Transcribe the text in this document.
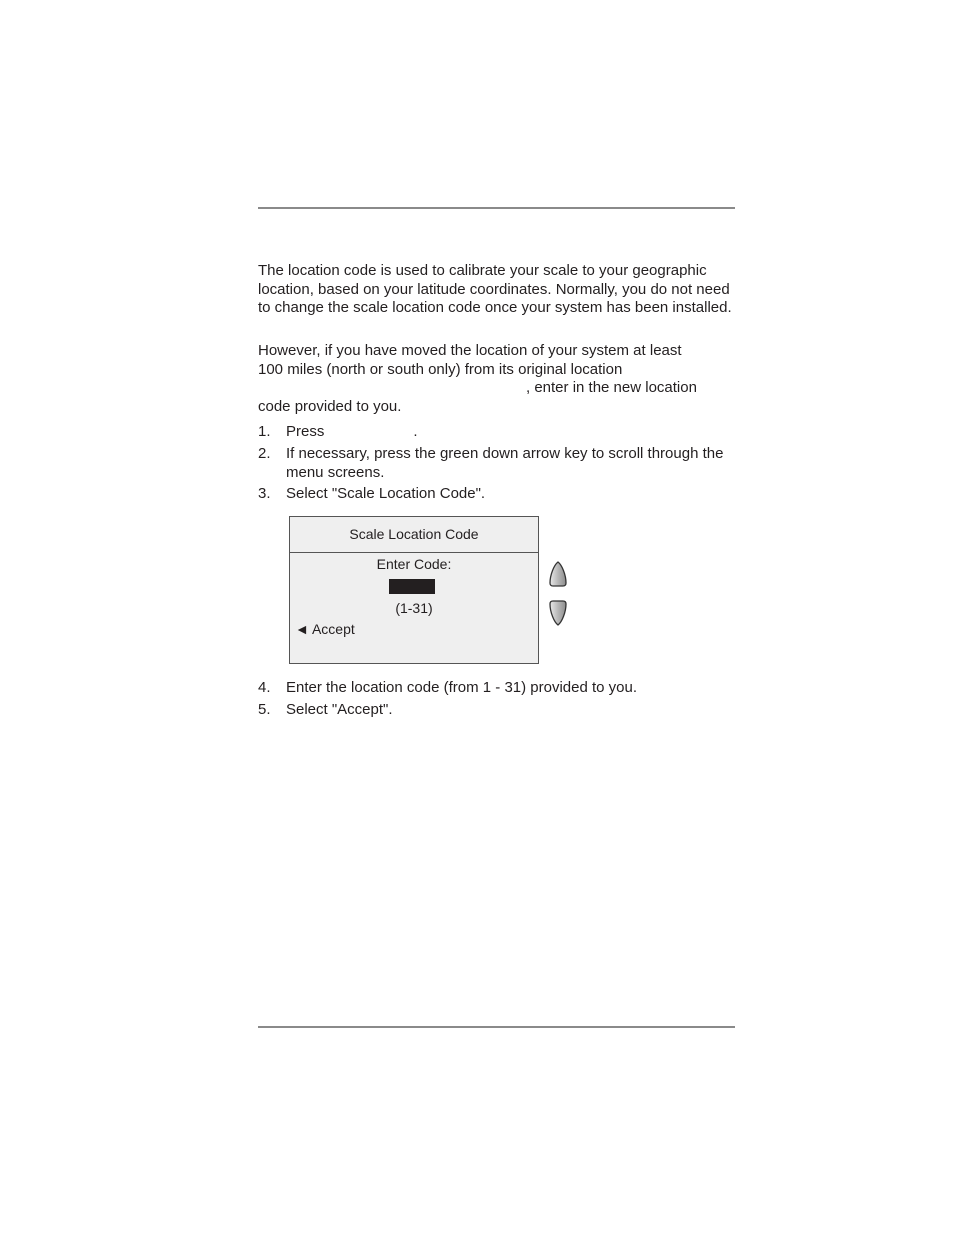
The location code is used to calibrate your scale to your geographic location, based on your latitude coordinates. Normally, you do not need to change the scale location code once your system has been installed.

However, if you have moved the location of your system at least
100 miles (north or south only) from its original location
, enter in the new location
code provided to you.
1.	Press	.
2.	If necessary, press the green down arrow key to scroll through the menu screens.
3.	Select "Scale Location Code".
Scale Location Code
Enter Code:
(1-31)
◄ Accept
4.	Enter the location code (from 1 - 31) provided to you.
5.	Select "Accept".
